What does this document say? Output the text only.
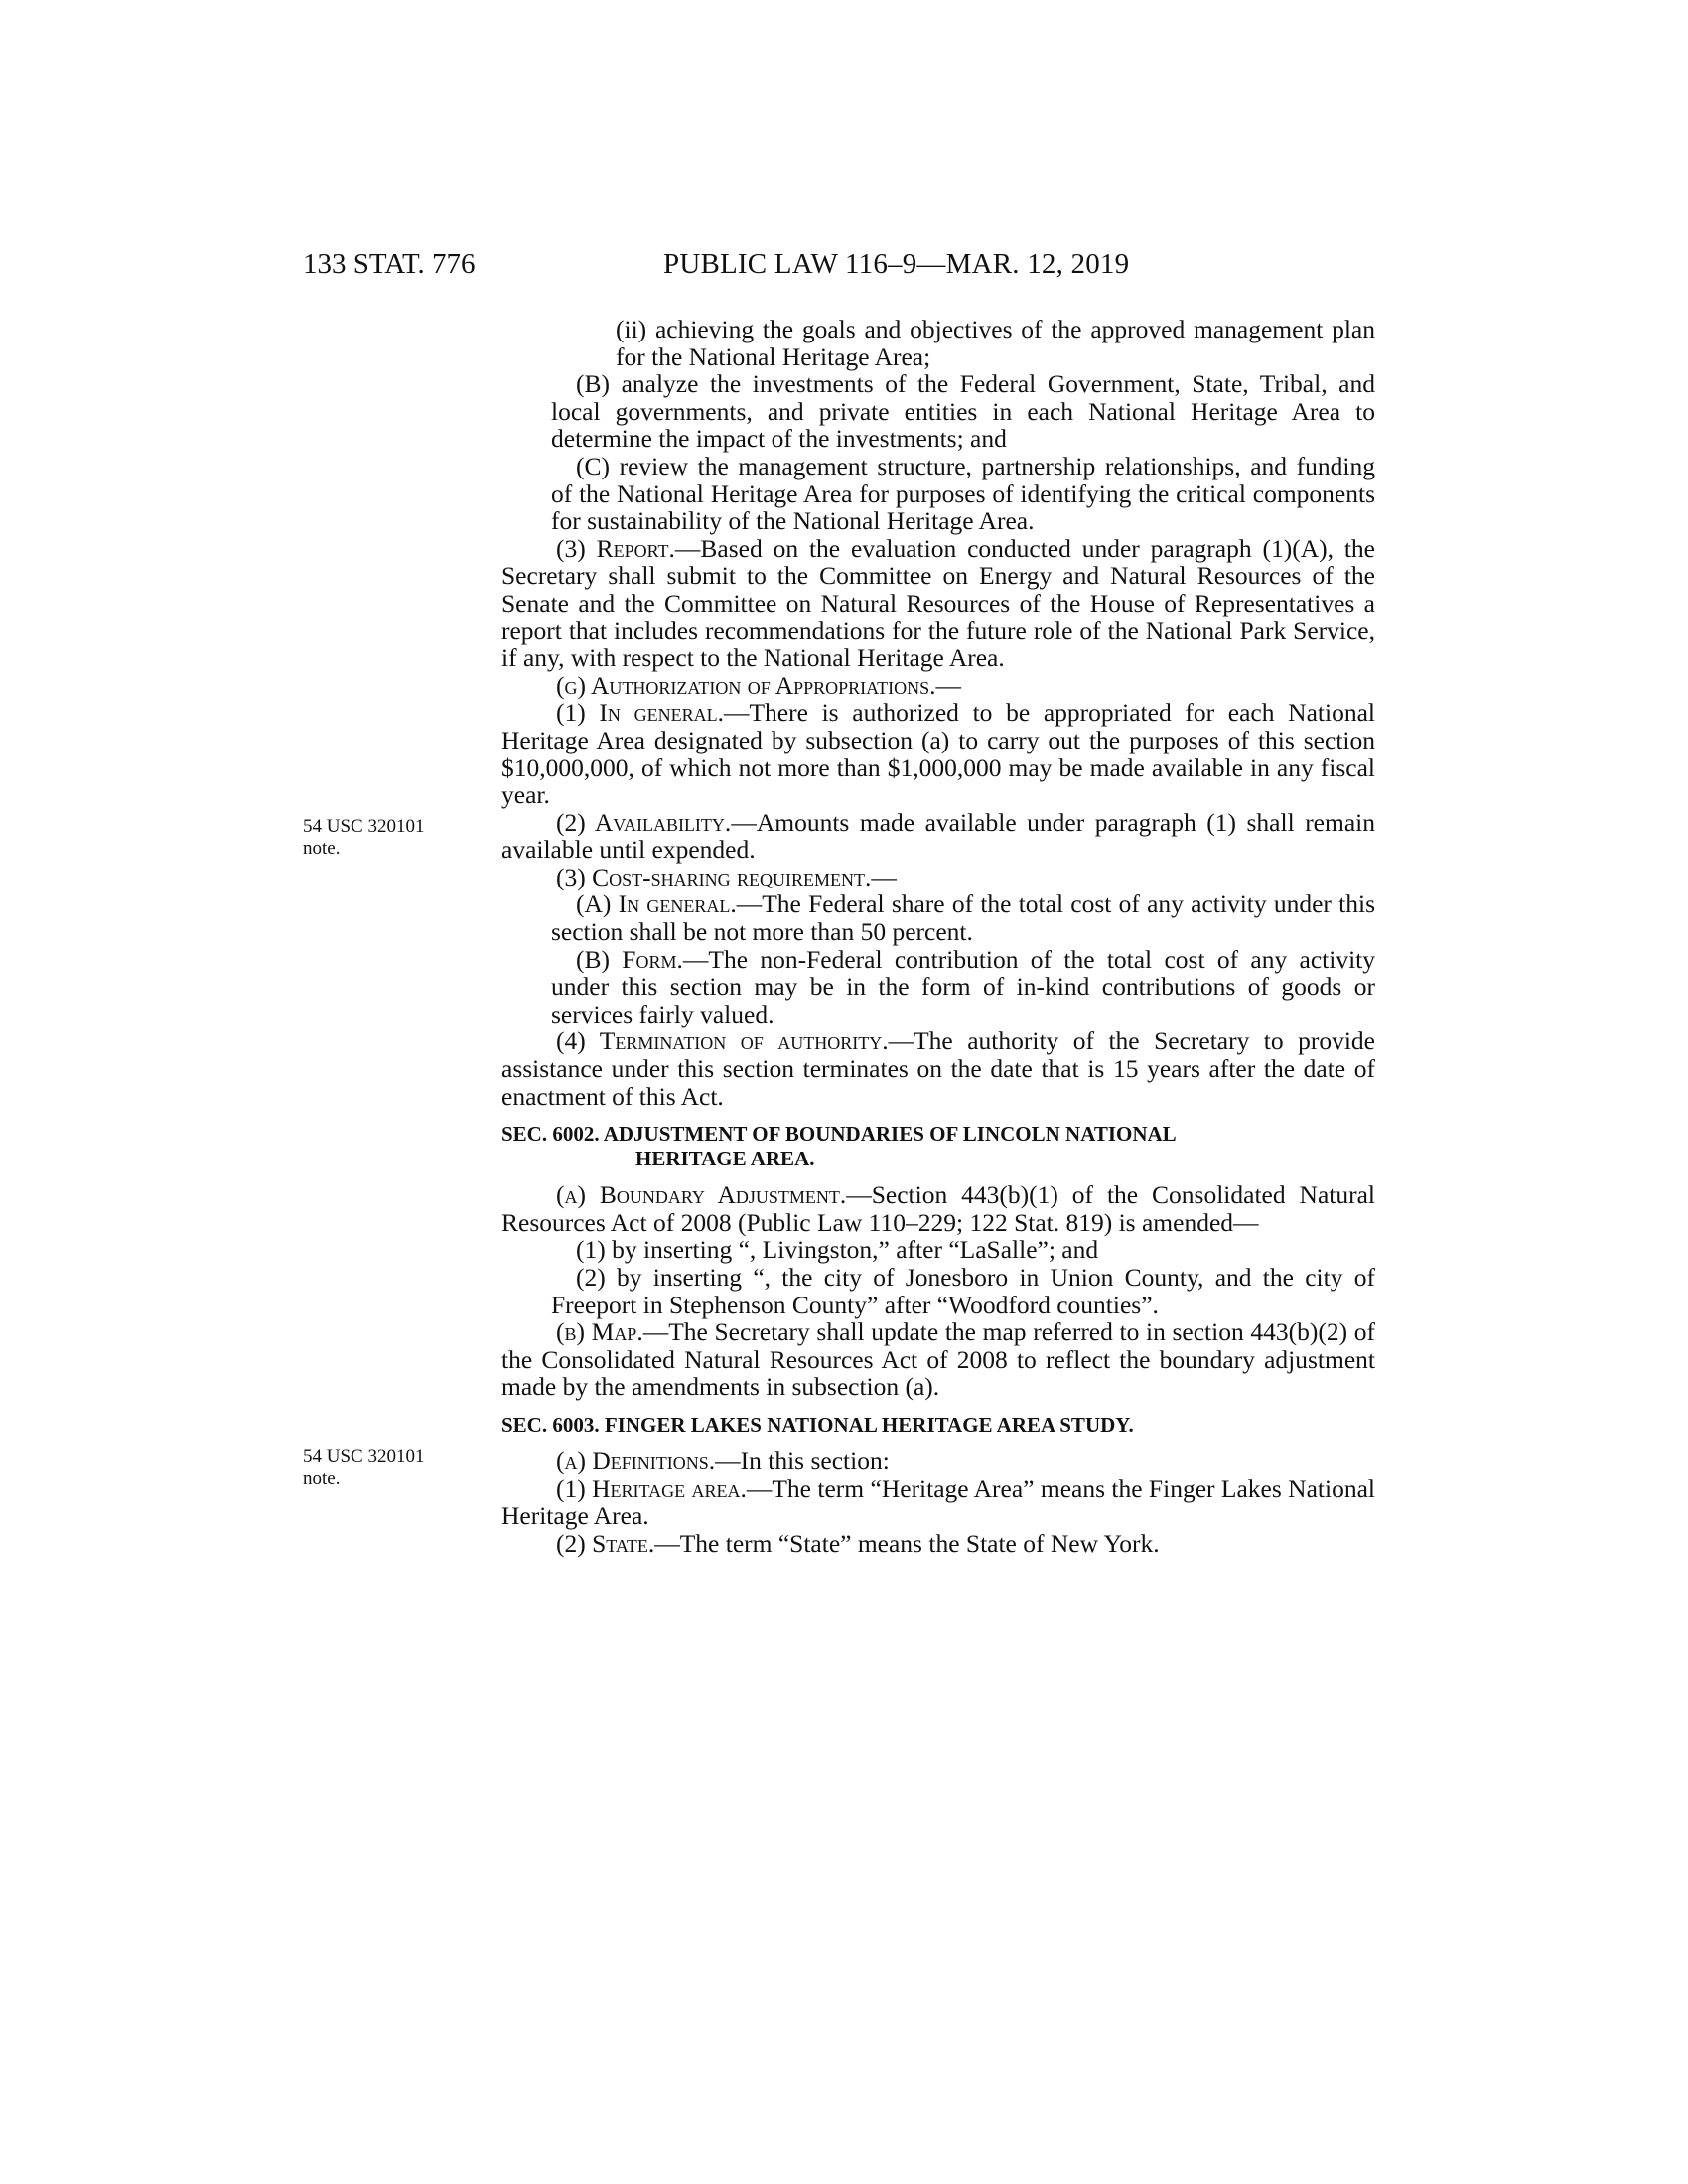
133 STAT. 776	PUBLIC LAW 116–9—MAR. 12, 2019
54 USC 320101
note.
54 USC 320101
note.

(ii) achieving the goals and objectives of the approved management plan for the National Heritage Area;

(B) analyze the investments of the Federal Government, State, Tribal, and local governments, and private entities in each National Heritage Area to determine the impact of the investments; and

(C) review the management structure, partnership relationships, and funding of the National Heritage Area for purposes of identifying the critical components for sustainability of the National Heritage Area.

(3) Report.—Based on the evaluation conducted under paragraph (1)(A), the Secretary shall submit to the Committee on Energy and Natural Resources of the Senate and the Committee on Natural Resources of the House of Representatives a report that includes recommendations for the future role of the National Park Service, if any, with respect to the National Heritage Area.

(g) Authorization of Appropriations.—

(1) In general.—There is authorized to be appropriated for each National Heritage Area designated by subsection (a) to carry out the purposes of this section $10,000,000, of which not more than $1,000,000 may be made available in any fiscal year.

(2) Availability.—Amounts made available under paragraph (1) shall remain available until expended.

(3) Cost-sharing requirement.—

(A) In general.—The Federal share of the total cost of any activity under this section shall be not more than 50 percent.

(B) Form.—The non-Federal contribution of the total cost of any activity under this section may be in the form of in-kind contributions of goods or services fairly valued.

(4) Termination of authority.—The authority of the Secretary to provide assistance under this section terminates on the date that is 15 years after the date of enactment of this Act.

SEC. 6002. ADJUSTMENT OF BOUNDARIES OF LINCOLN NATIONAL
HERITAGE AREA.

(a) Boundary Adjustment.—Section 443(b)(1) of the Consolidated Natural Resources Act of 2008 (Public Law 110–229; 122 Stat. 819) is amended—

(1) by inserting “, Livingston,” after “LaSalle”; and

(2) by inserting “, the city of Jonesboro in Union County, and the city of Freeport in Stephenson County” after “Woodford counties”.

(b) Map.—The Secretary shall update the map referred to in section 443(b)(2) of the Consolidated Natural Resources Act of 2008 to reflect the boundary adjustment made by the amendments in subsection (a).

SEC. 6003. FINGER LAKES NATIONAL HERITAGE AREA STUDY.

(a) Definitions.—In this section:

(1) Heritage area.—The term “Heritage Area” means the Finger Lakes National Heritage Area.

(2) State.—The term “State” means the State of New York.
